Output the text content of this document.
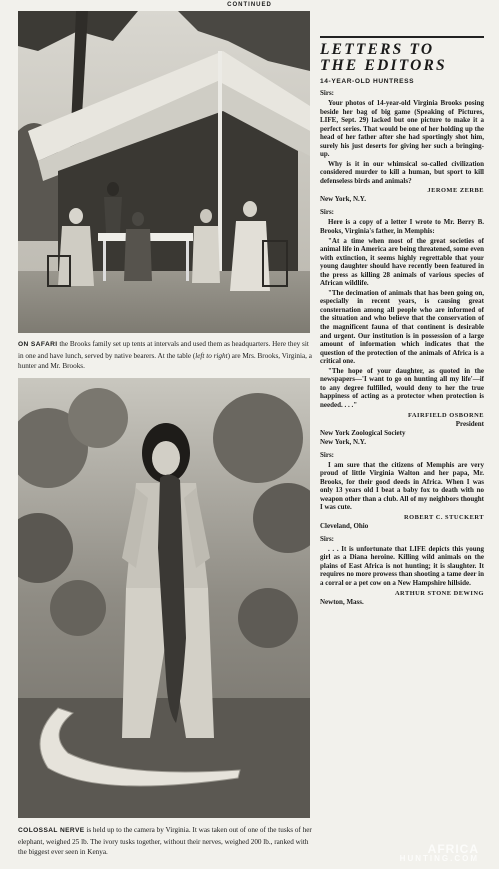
CONTINUED

ON SAFARI the Brooks family set up tents at intervals and used them as headquarters. Here they sit in one and have lunch, served by native bearers. At the table (left to right) are Mrs. Brooks, Virginia, a hunter and Mr. Brooks.

COLOSSAL NERVE is held up to the camera by Virginia. It was taken out of one of the tusks of her elephant, weighed 25 lb. The ivory tusks together, without their nerves, weighed 200 lb., ranked with the biggest ever seen in Kenya.

LETTERS TO
THE EDITORS
14-YEAR-OLD HUNTRESS
Sirs:

Your photos of 14-year-old Virginia Brooks posing beside her bag of big game (Speaking of Pictures, LIFE, Sept. 29) lacked but one picture to make it a perfect series. That would be one of her holding up the head of her father after she had sportingly shot him, surely his just deserts for giving her such a bringing-up.

Why is it in our whimsical so-called civilization considered murder to kill a human, but sport to kill defenseless birds and animals?

JEROME ZERBE
New York, N.Y.
Sirs:

Here is a copy of a letter I wrote to Mr. Berry B. Brooks, Virginia's father, in Memphis:

"At a time when most of the great societies of animal life in America are being threatened, some even with extinction, it seems highly regrettable that your young daughter should have recently been featured in the press as killing 28 animals of various species of African wildlife.

"The decimation of animals that has been going on, especially in recent years, is causing great consternation among all people who are informed of the situation and who believe that the conservation of the magnificent fauna of that continent is desirable and urgent. Our institution is in possession of a large amount of information which indicates that the question of the protection of the animals of Africa is a critical one.

"The hope of your daughter, as quoted in the newspapers—'I want to go on hunting all my life'—if to any degree fulfilled, would deny to her the true happiness of acting as a protector when protection is needed. . . ."

FAIRFIELD OSBORNE
President
New York Zoological Society
New York, N.Y.
Sirs:

I am sure that the citizens of Memphis are very proud of little Virginia Walton and her papa, Mr. Brooks, for their good deeds in Africa. When I was only 13 years old I beat a baby fox to death with no weapon other than a club. All of my neighbors thought I was cute.

ROBERT C. STUCKERT
Cleveland, Ohio
Sirs:

. . . It is unfortunate that LIFE depicts this young girl as a Diana heroine. Killing wild animals on the plains of East Africa is not hunting; it is slaughter. It requires no more prowess than shooting a tame deer in a corral or a pet cow on a New Hampshire hillside.

ARTHUR STONE DEWING
Newton, Mass.
AFRICA
HUNTING.COM
